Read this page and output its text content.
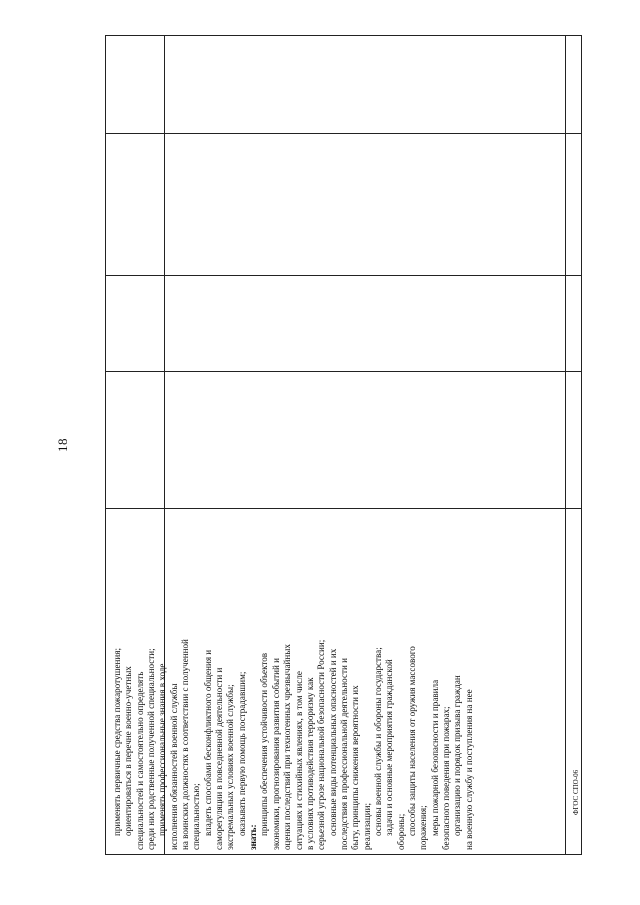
18
применять первичные средства пожаротушения; ориентироваться в перечне военно-учетных специальностей и самостоятельно определять среди них родственные полученной специальности; применять профессиональные знания в ходе исполнения обязанностей военной службы на воинских должностях в соответствии с полученной специальностью; владеть способами бесконфликтного общения и саморегуляции в повседневной деятельности и экстремальных условиях военной службы; оказывать первую помощь пострадавшим;
знать:
принципы обеспечения устойчивости объектов экономики, прогнозирования развития событий и оценки последствий при техногенных чрезвычайных ситуациях и стихийных явлениях, в том числе в условиях противодействия терроризму как серьезной угрозе национальной безопасности России; основные виды потенциальных опасностей и их последствия в профессиональной деятельности и быту, принципы снижения вероятности их реализации; основы военной службы и обороны государства; задачи и основные мероприятия гражданской обороны; способы защиты населения от оружия массового поражения; меры пожарной безопасности и правила безопасного поведения при пожарах; организацию и порядок призыва граждан на военную службу и поступления на нее	ФГОС СПО-06
